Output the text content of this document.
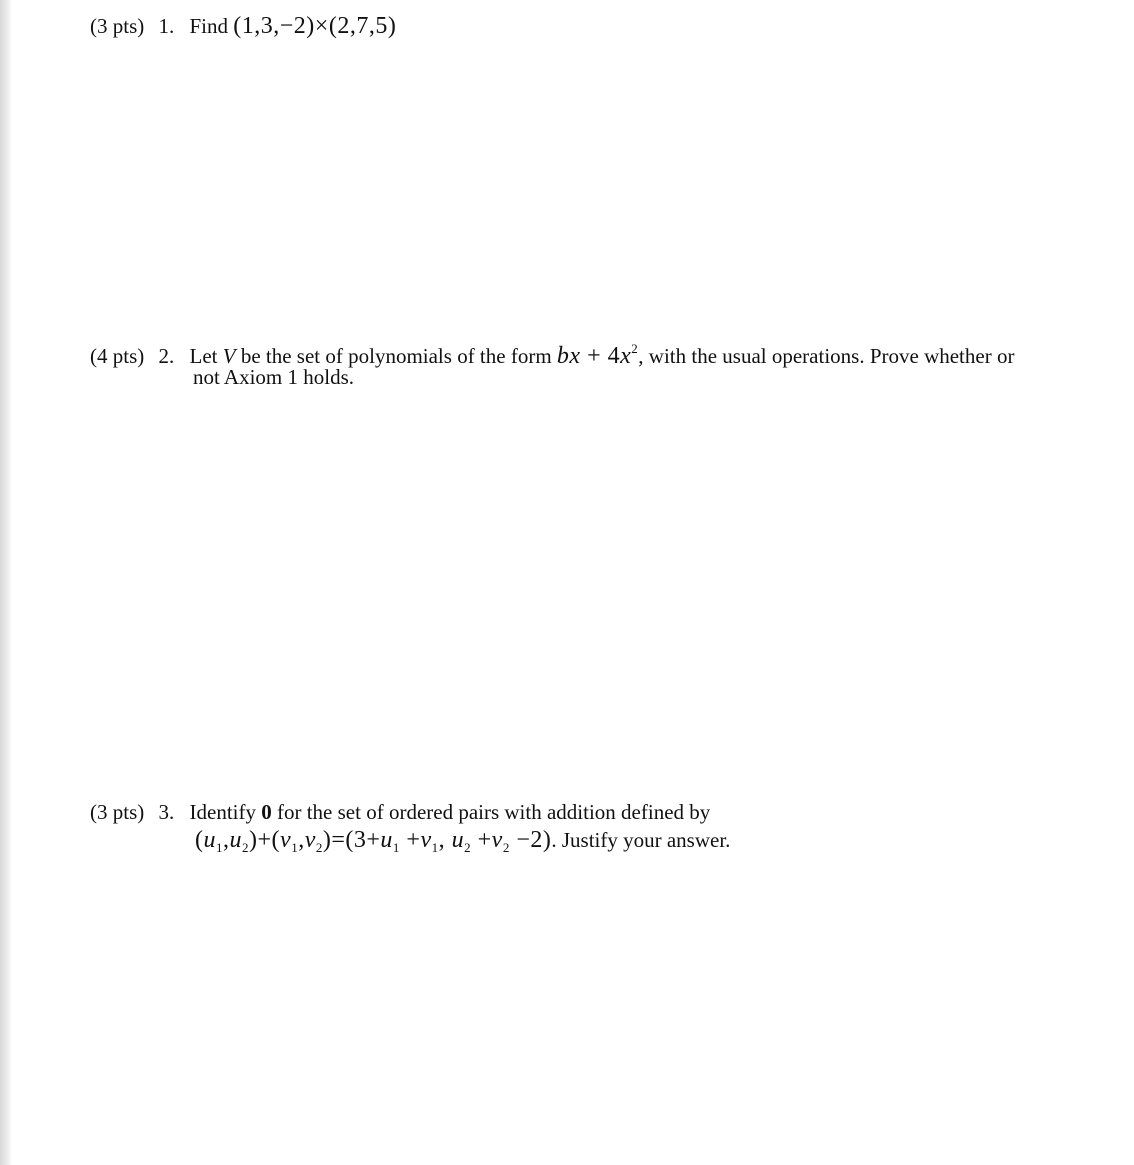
(3 pts) 1. Find (1,3,−2)×(2,7,5)
(4 pts) 2. Let V be the set of polynomials of the form bx + $4x^2$, with the usual operations. Prove whether or
not Axiom 1 holds.
(3 pts) 3. Identify 0 for the set of ordered pairs with addition defined by
$(u_1,u_2)+(v_1,v_2)=(3+u_1 +v_1$, $u_2 +v_2 -2$). Justify your answer.
